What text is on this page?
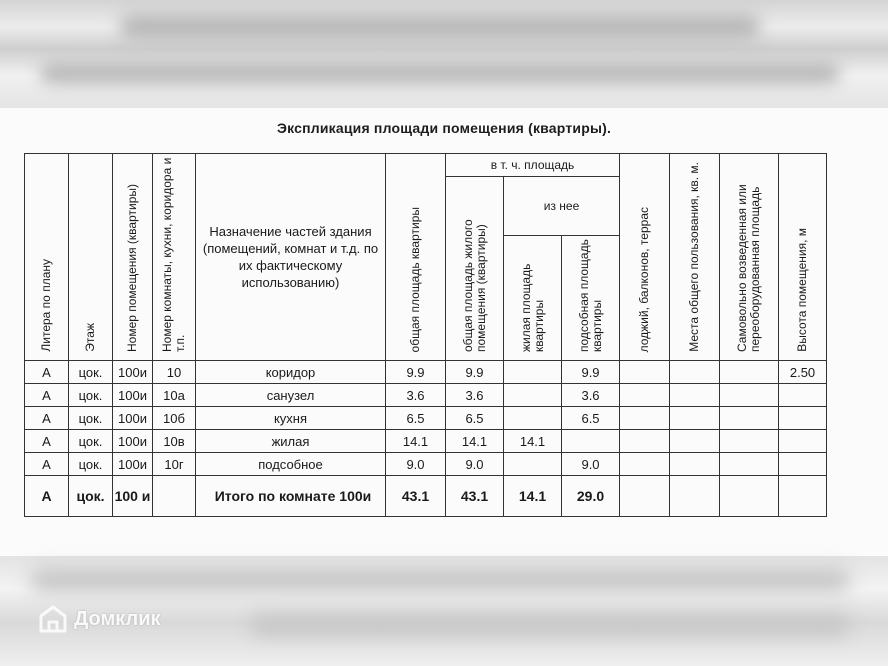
Экспликация площади помещения (квартиры).
Литера по плану	Этаж	Номер помещения (квартиры)	Номер комнаты, кухни, коридора и т.п.	Назначение частей здания (помещений, комнат и т.д. по их фактическому использованию)	общая площадь квартиры	в т. ч. площадь			лоджий, балконов, террас	Места общего пользования, кв. м.	Самовольно возведенная или переоборудованная площадь	Высота помещения, м

						общая площадь жилого помещения (квартиры)	из нее					

							жилая площадь квартиры	подсобная площадь квартиры				

А	цок.	100и	10	коридор	9.9	9.9		9.9				2.50
А	цок.	100и	10а	санузел	3.6	3.6		3.6				
А	цок.	100и	10б	кухня	6.5	6.5		6.5				
А	цок.	100и	10в	жилая	14.1	14.1	14.1					
А	цок.	100и	10г	подсобное	9.0	9.0		9.0				
А	цок.	100 и		Итого по комнате 100и	43.1	43.1	14.1	29.0				
Домклик
